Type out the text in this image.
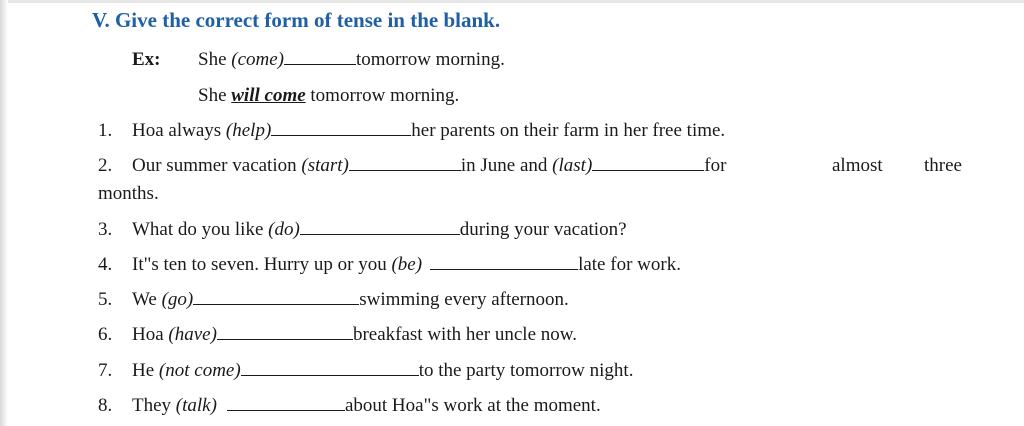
V. Give the correct form of tense in the blank.
Ex: She (come)	tomorrow morning.
She will come tomorrow morning.
1. Hoa always (help)	her parents on their farm in her free time.
2. Our summer vacation (start)	in June and (last)	for	almost three
months.
3. What do you like (do)	during your vacation?
4. It"s ten to seven. Hurry up or you (be)	late for work.
5. We (go)	swimming every afternoon.
6. Hoa (have)	breakfast with her uncle now.
7. He (not come)	to the party tomorrow night.
8. They (talk)	about Hoa"s work at the moment.
